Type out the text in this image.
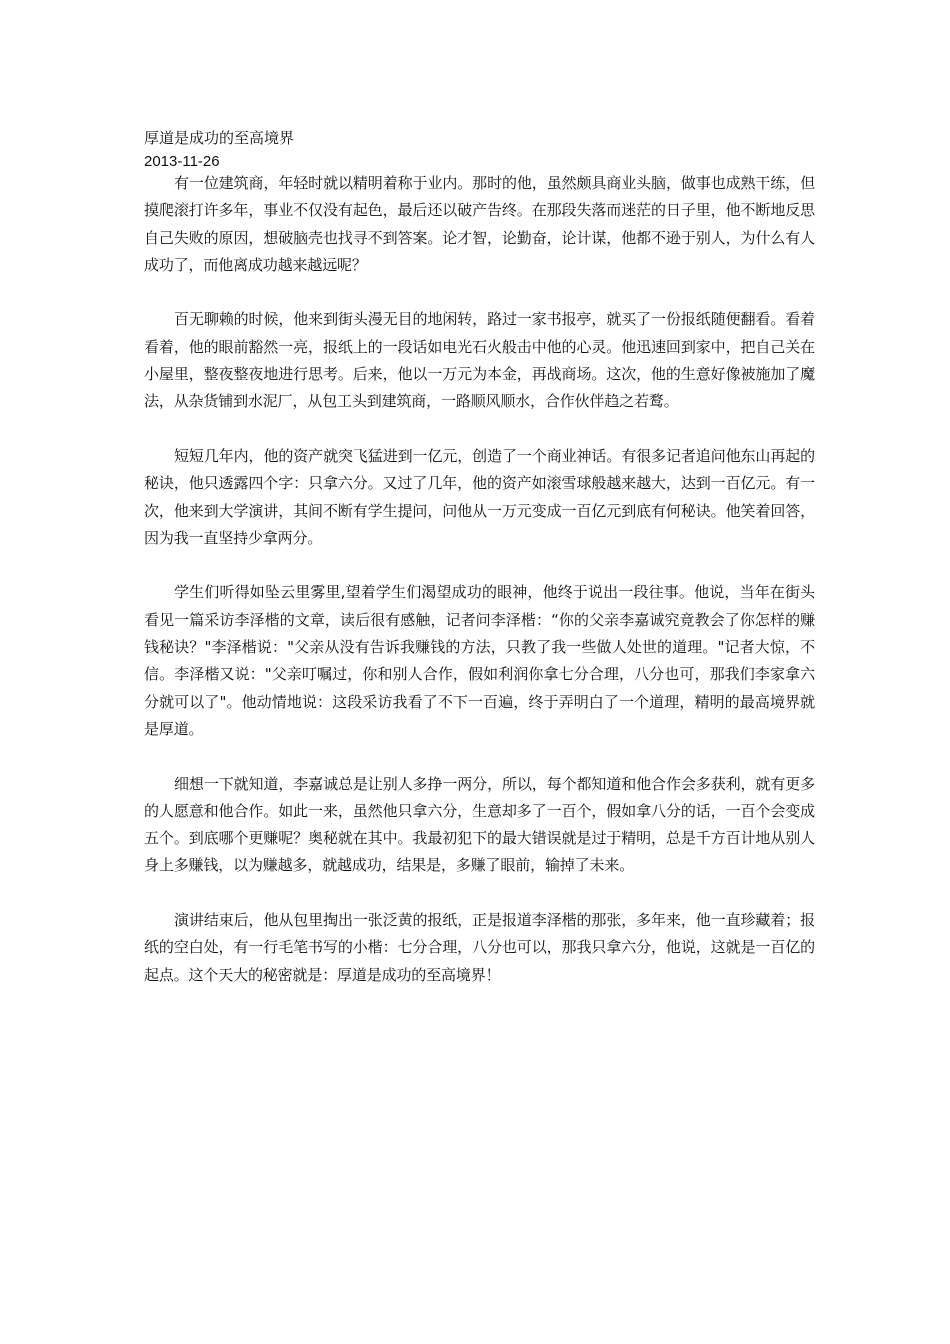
厚道是成功的至高境界
2013-11-26

有一位建筑商，年轻时就以精明着称于业内。那时的他，虽然颇具商业头脑，做事也成熟干练，但摸爬滚打许多年，事业不仅没有起色，最后还以破产告终。在那段失落而迷茫的日子里，他不断地反思自己失败的原因，想破脑壳也找寻不到答案。论才智，论勤奋，论计谋，他都不逊于别人，为什么有人成功了，而他离成功越来越远呢？

百无聊赖的时候，他来到街头漫无目的地闲转，路过一家书报亭，就买了一份报纸随便翻看。看着看着，他的眼前豁然一亮，报纸上的一段话如电光石火般击中他的心灵。他迅速回到家中，把自己关在小屋里，整夜整夜地进行思考。后来，他以一万元为本金，再战商场。这次，他的生意好像被施加了魔法，从杂货铺到水泥厂，从包工头到建筑商，一路顺风顺水，合作伙伴趋之若鹜。

短短几年内，他的资产就突飞猛进到一亿元，创造了一个商业神话。有很多记者追问他东山再起的秘诀，他只透露四个字：只拿六分。又过了几年，他的资产如滚雪球般越来越大，达到一百亿元。有一次，他来到大学演讲，其间不断有学生提问，问他从一万元变成一百亿元到底有何秘诀。他笑着回答，因为我一直坚持少拿两分。

学生们听得如坠云里雾里,望着学生们渴望成功的眼神，他终于说出一段往事。他说，当年在街头看见一篇采访李泽楷的文章，读后很有感触，记者问李泽楷：“你的父亲李嘉诚究竟教会了你怎样的赚钱秘诀？"李泽楷说："父亲从没有告诉我赚钱的方法，只教了我一些做人处世的道理。"记者大惊，不信。李泽楷又说："父亲叮嘱过，你和别人合作，假如利润你拿七分合理，八分也可，那我们李家拿六分就可以了"。他动情地说：这段采访我看了不下一百遍，终于弄明白了一个道理，精明的最高境界就是厚道。

细想一下就知道，李嘉诚总是让别人多挣一两分，所以，每个都知道和他合作会多获利，就有更多的人愿意和他合作。如此一来，虽然他只拿六分，生意却多了一百个，假如拿八分的话，一百个会变成五个。到底哪个更赚呢？奥秘就在其中。我最初犯下的最大错误就是过于精明，总是千方百计地从别人身上多赚钱，以为赚越多，就越成功，结果是，多赚了眼前，输掉了未来。

演讲结束后，他从包里掏出一张泛黄的报纸，正是报道李泽楷的那张，多年来，他一直珍藏着；报纸的空白处，有一行毛笔书写的小楷：七分合理，八分也可以，那我只拿六分，他说，这就是一百亿的起点。这个天大的秘密就是：厚道是成功的至高境界！
